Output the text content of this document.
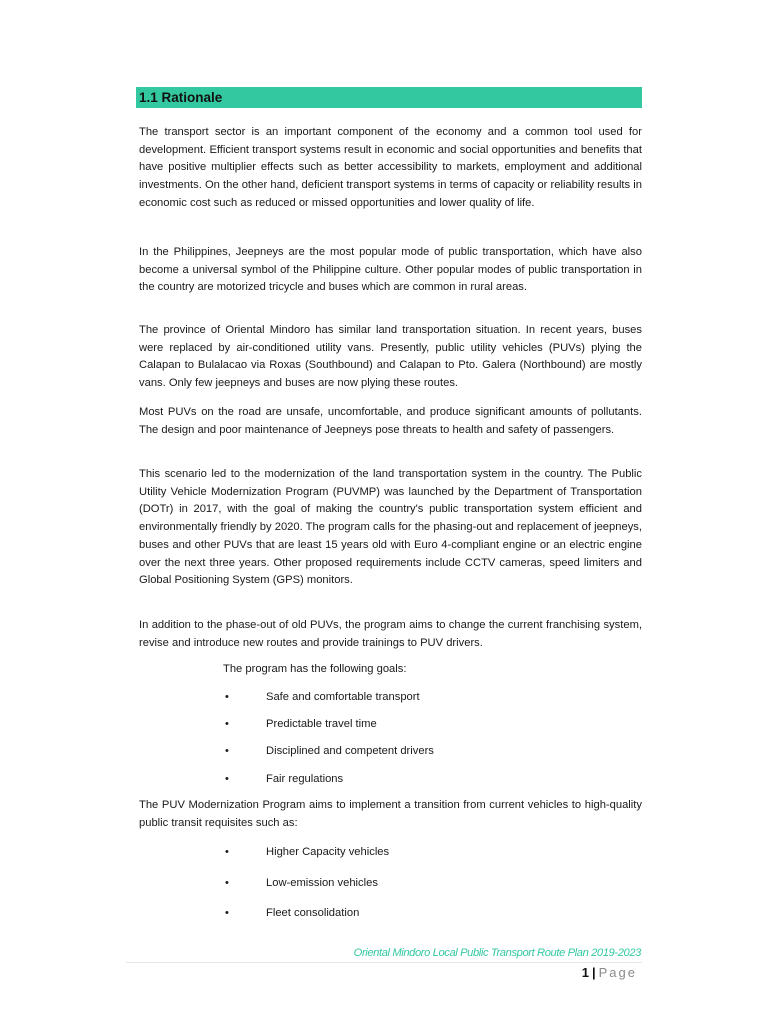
1.1 Rationale

The transport sector is an important component of the economy and a common tool used for development. Efficient transport systems result in economic and social opportunities and benefits that have positive multiplier effects such as better accessibility to markets, employment and additional investments. On the other hand, deficient transport systems in terms of capacity or reliability results in economic cost such as reduced or missed opportunities and lower quality of life.

In the Philippines, Jeepneys are the most popular mode of public transportation, which have also become a universal symbol of the Philippine culture. Other popular modes of public transportation in the country are motorized tricycle and buses which are common in rural areas.

The province of Oriental Mindoro has similar land transportation situation. In recent years, buses were replaced by air-conditioned utility vans. Presently, public utility vehicles (PUVs) plying the Calapan to Bulalacao via Roxas (Southbound) and Calapan to Pto. Galera (Northbound) are mostly vans. Only few jeepneys and buses are now plying these routes.

Most PUVs on the road are unsafe, uncomfortable, and produce significant amounts of pollutants. The design and poor maintenance of Jeepneys pose threats to health and safety of passengers.

This scenario led to the modernization of the land transportation system in the country. The Public Utility Vehicle Modernization Program (PUVMP) was launched by the Department of Transportation (DOTr) in 2017, with the goal of making the country's public transportation system efficient and environmentally friendly by 2020. The program calls for the phasing-out and replacement of jeepneys, buses and other PUVs that are least 15 years old with Euro 4-compliant engine or an electric engine over the next three years. Other proposed requirements include CCTV cameras, speed limiters and Global Positioning System (GPS) monitors.

In addition to the phase-out of old PUVs, the program aims to change the current franchising system, revise and introduce new routes and provide trainings to PUV drivers.

The program has the following goals:

•	Safe and comfortable transport
•	Predictable travel time
•	Disciplined and competent drivers
•	Fair regulations

The PUV Modernization Program aims to implement a transition from current vehicles to high-quality public transit requisites such as:

•	Higher Capacity vehicles
•	Low-emission vehicles
•	Fleet consolidation
Oriental Mindoro Local Public Transport Route Plan 2019-2023
1 | Page
